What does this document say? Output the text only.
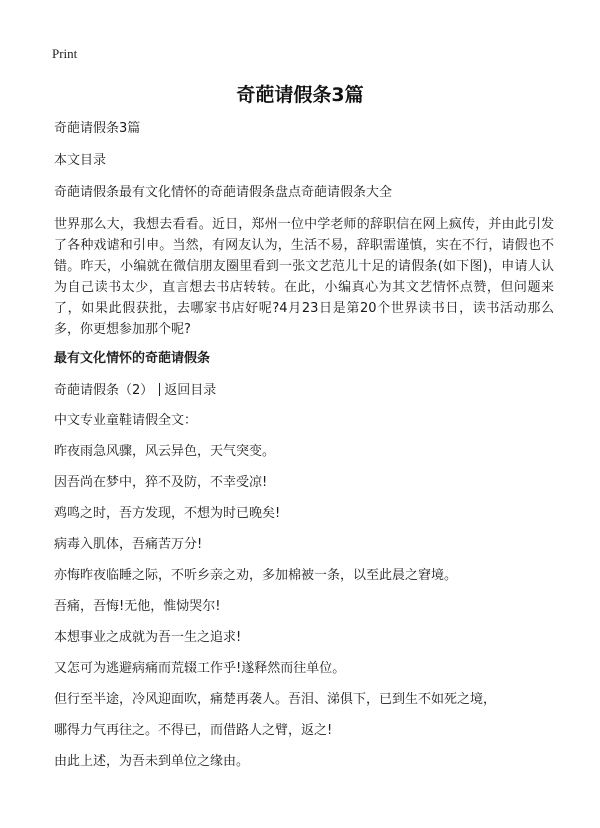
Print
奇葩请假条3篇

奇葩请假条3篇

本文目录

奇葩请假条最有文化情怀的奇葩请假条盘点奇葩请假条大全

世界那么大，我想去看看。近日，郑州一位中学老师的辞职信在网上疯传，并由此引发了各种戏谑和引申。当然，有网友认为，生活不易，辞职需谨慎，实在不行，请假也不错。昨天，小编就在微信朋友圈里看到一张文艺范儿十足的请假条(如下图)，申请人认为自己读书太少，直言想去书店转转。在此，小编真心为其文艺情怀点赞，但问题来了，如果此假获批，去哪家书店好呢?4月23日是第20个世界读书日，读书活动那么多，你更想参加那个呢?

最有文化情怀的奇葩请假条

奇葩请假条（2） 返回目录

中文专业童鞋请假全文：

昨夜雨急风骤，风云异色，天气突变。

因吾尚在梦中，猝不及防，不幸受凉!

鸡鸣之时，吾方发现，不想为时已晚矣!

病毒入肌体，吾痛苦万分!

亦悔昨夜临睡之际，不听乡亲之劝，多加棉被一条，以至此晨之窘境。

吾痛，吾悔!无他，惟恸哭尔!

本想事业之成就为吾一生之追求!

又怎可为逃避病痛而荒辍工作乎!遂释然而往单位。

但行至半途，冷风迎面吹，痛楚再袭人。吾泪、涕俱下，已到生不如死之境，

哪得力气再往之。不得已，而借路人之臂，返之!

由此上述，为吾未到单位之缘由。
